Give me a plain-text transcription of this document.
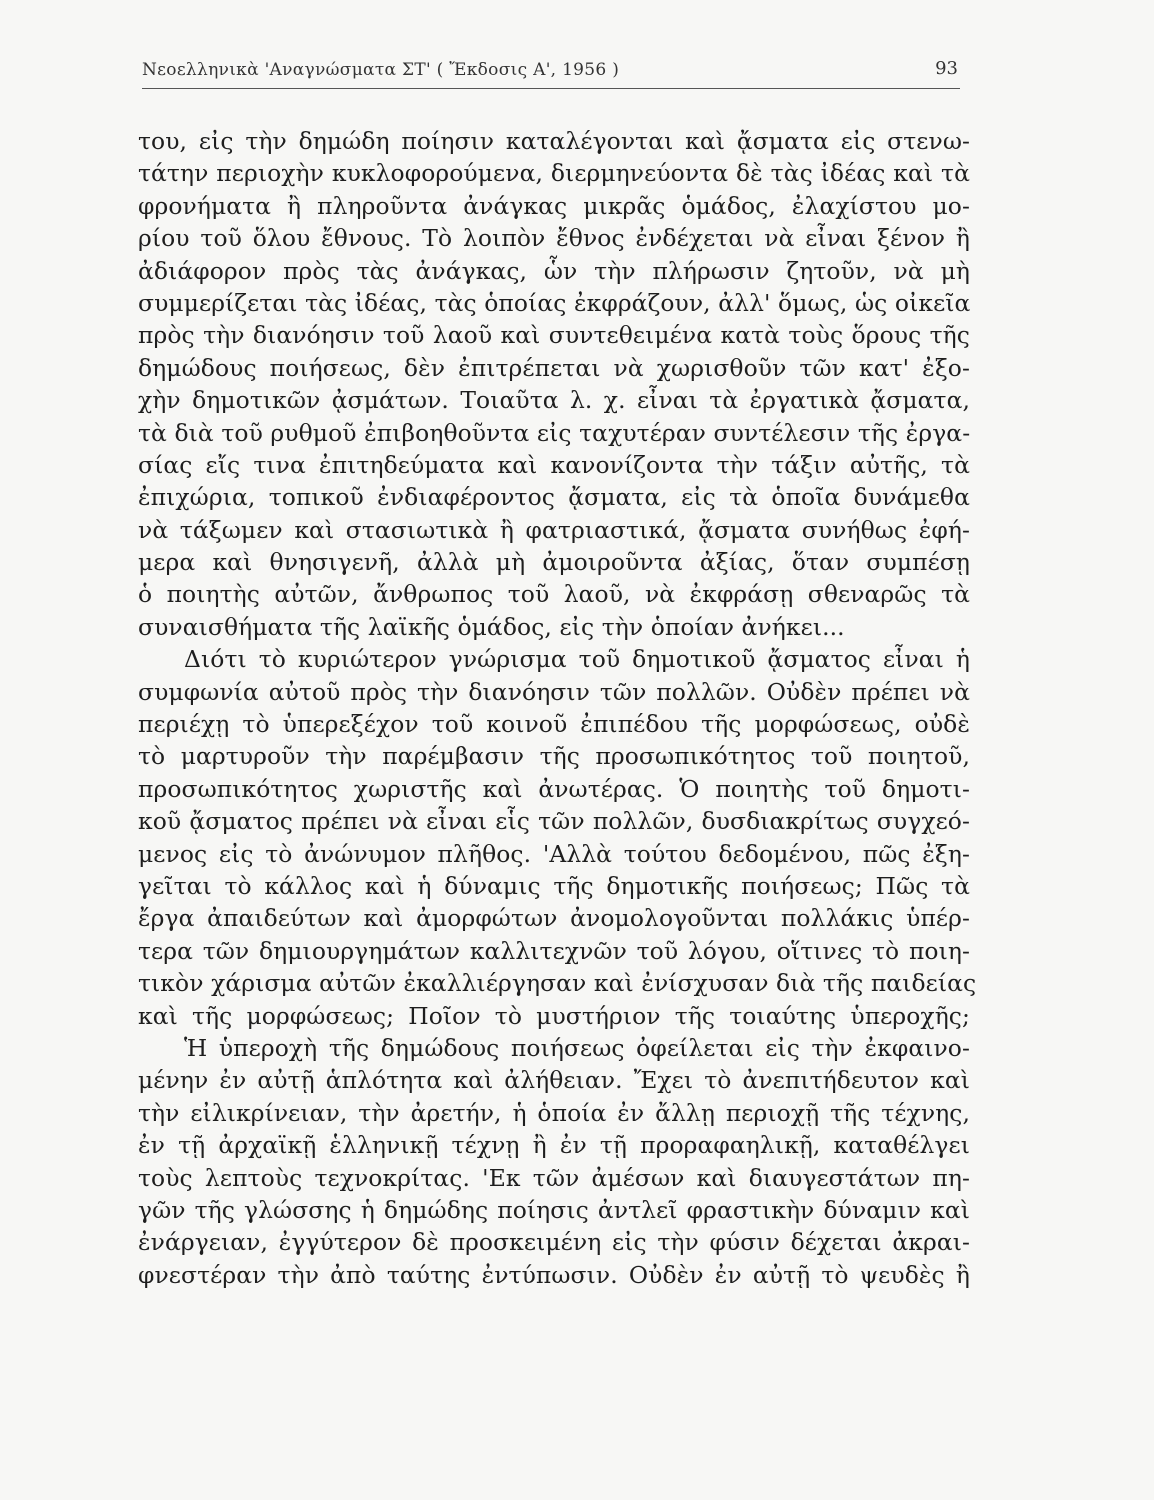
Νεοελληνικὰ 'Αναγνώσματα ΣΤ' ( Ἔκδοσις Α', 1956 )	93
του, εἰς τὴν δημώδη ποίησιν καταλέγονται καὶ ᾄσματα εἰς στενω-
τάτην περιοχὴν κυκλοφορούμενα, διερμηνεύοντα δὲ τὰς ἰδέας καὶ τὰ
φρονήματα ἢ πληροῦντα ἀνάγκας μικρᾶς ὁμάδος, ἐλαχίστου μο-
ρίου τοῦ ὅλου ἔθνους. Τὸ λοιπὸν ἔθνος ἐνδέχεται νὰ εἶναι ξένον ἢ
ἀδιάφορον πρὸς τὰς ἀνάγκας, ὧν τὴν πλήρωσιν ζητοῦν, νὰ μὴ
συμμερίζεται τὰς ἰδέας, τὰς ὁποίας ἐκφράζουν, ἀλλ' ὅμως, ὡς οἰκεῖα
πρὸς τὴν διανόησιν τοῦ λαοῦ καὶ συντεθειμένα κατὰ τοὺς ὅρους τῆς
δημώδους ποιήσεως, δὲν ἐπιτρέπεται νὰ χωρισθοῦν τῶν κατ' ἐξο-
χὴν δημοτικῶν ᾀσμάτων. Τοιαῦτα λ. χ. εἶναι τὰ ἐργατικὰ ᾄσματα,
τὰ διὰ τοῦ ρυθμοῦ ἐπιβοηθοῦντα εἰς ταχυτέραν συντέλεσιν τῆς ἐργα-
σίας εἴς τινα ἐπιτηδεύματα καὶ κανονίζοντα τὴν τάξιν αὐτῆς, τὰ
ἐπιχώρια, τοπικοῦ ἐνδιαφέροντος ᾄσματα, εἰς τὰ ὁποῖα δυνάμεθα
νὰ τάξωμεν καὶ στασιωτικὰ ἢ φατριαστικά, ᾄσματα συνήθως ἐφή-
μερα καὶ θνησιγενῆ, ἀλλὰ μὴ ἀμοιροῦντα ἀξίας, ὅταν συμπέσῃ
ὁ ποιητὴς αὐτῶν, ἄνθρωπος τοῦ λαοῦ, νὰ ἐκφράσῃ σθεναρῶς τὰ
συναισθήματα τῆς λαϊκῆς ὁμάδος, εἰς τὴν ὁποίαν ἀνήκει...
Διότι τὸ κυριώτερον γνώρισμα τοῦ δημοτικοῦ ᾄσματος εἶναι ἡ
συμφωνία αὐτοῦ πρὸς τὴν διανόησιν τῶν πολλῶν. Οὐδὲν πρέπει νὰ
περιέχῃ τὸ ὑπερεξέχον τοῦ κοινοῦ ἐπιπέδου τῆς μορφώσεως, οὐδὲ
τὸ μαρτυροῦν τὴν παρέμβασιν τῆς προσωπικότητος τοῦ ποιητοῦ,
προσωπικότητος χωριστῆς καὶ ἀνωτέρας. Ὁ ποιητὴς τοῦ δημοτι-
κοῦ ᾄσματος πρέπει νὰ εἶναι εἷς τῶν πολλῶν, δυσδιακρίτως συγχεό-
μενος εἰς τὸ ἀνώνυμον πλῆθος. 'Αλλὰ τούτου δεδομένου, πῶς ἐξη-
γεῖται τὸ κάλλος καὶ ἡ δύναμις τῆς δημοτικῆς ποιήσεως; Πῶς τὰ
ἔργα ἀπαιδεύτων καὶ ἀμορφώτων ἀνομολογοῦνται πολλάκις ὑπέρ-
τερα τῶν δημιουργημάτων καλλιτεχνῶν τοῦ λόγου, οἵτινες τὸ ποιη-
τικὸν χάρισμα αὐτῶν ἐκαλλιέργησαν καὶ ἐνίσχυσαν διὰ τῆς παιδείας
καὶ τῆς μορφώσεως; Ποῖον τὸ μυστήριον τῆς τοιαύτης ὑπεροχῆς;
Ἡ ὑπεροχὴ τῆς δημώδους ποιήσεως ὀφείλεται εἰς τὴν ἐκφαινο-
μένην ἐν αὐτῇ ἁπλότητα καὶ ἀλήθειαν. Ἔχει τὸ ἀνεπιτήδευτον καὶ
τὴν εἰλικρίνειαν, τὴν ἀρετήν, ἡ ὁποία ἐν ἄλλῃ περιοχῇ τῆς τέχνης,
ἐν τῇ ἀρχαϊκῇ ἑλληνικῇ τέχνῃ ἢ ἐν τῇ προραφαηλικῇ, καταθέλγει
τοὺς λεπτοὺς τεχνοκρίτας. 'Εκ τῶν ἀμέσων καὶ διαυγεστάτων πη-
γῶν τῆς γλώσσης ἡ δημώδης ποίησις ἀντλεῖ φραστικὴν δύναμιν καὶ
ἐνάργειαν, ἐγγύτερον δὲ προσκειμένη εἰς τὴν φύσιν δέχεται ἀκραι-
φνεστέραν τὴν ἀπὸ ταύτης ἐντύπωσιν. Οὐδὲν ἐν αὐτῇ τὸ ψευδὲς ἢ
